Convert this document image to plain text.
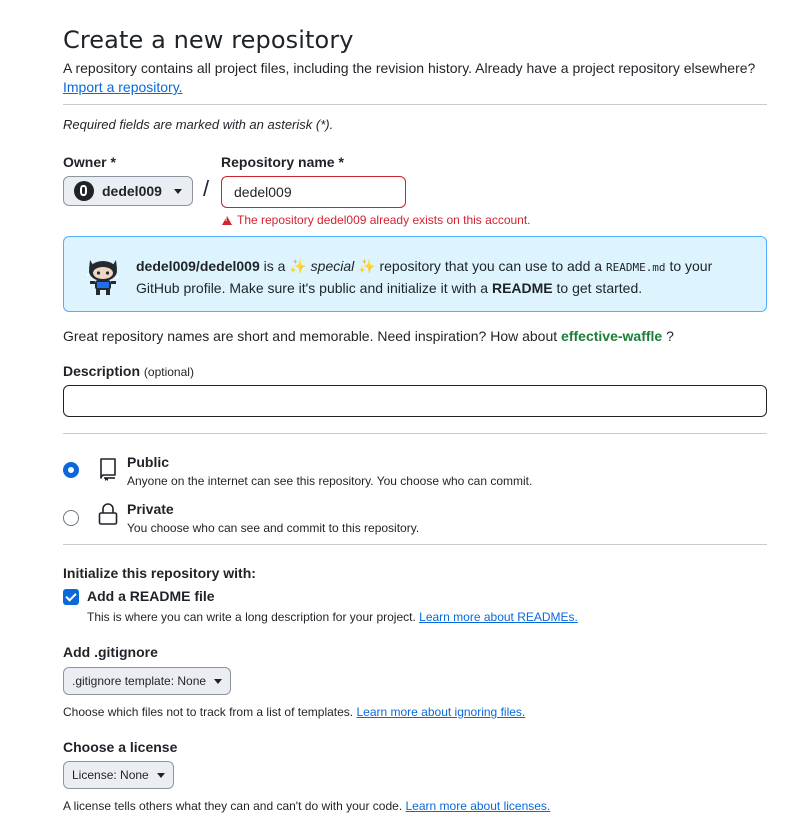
Create a new repository
A repository contains all project files, including the revision history. Already have a project repository elsewhere?
Import a repository.
Required fields are marked with an asterisk (*).
Owner *	Repository name *
dedel009 /
dedel009
!
The repository dedel009 already exists on this account.
dedel009/dedel009 is a ✨ special ✨ repository that you can use to add a README.md to your
GitHub profile. Make sure it's public and initialize it with a README to get started.
Great repository names are short and memorable. Need inspiration? How about effective-waffle ?
Description (optional)
Public
Anyone on the internet can see this repository. You choose who can commit.
Private
You choose who can see and commit to this repository.
Initialize this repository with:
Add a README file
This is where you can write a long description for your project. Learn more about READMEs.
Add .gitignore
.gitignore template: None
Choose which files not to track from a list of templates. Learn more about ignoring files.
Choose a license
License: None
A license tells others what they can and can't do with your code. Learn more about licenses.
